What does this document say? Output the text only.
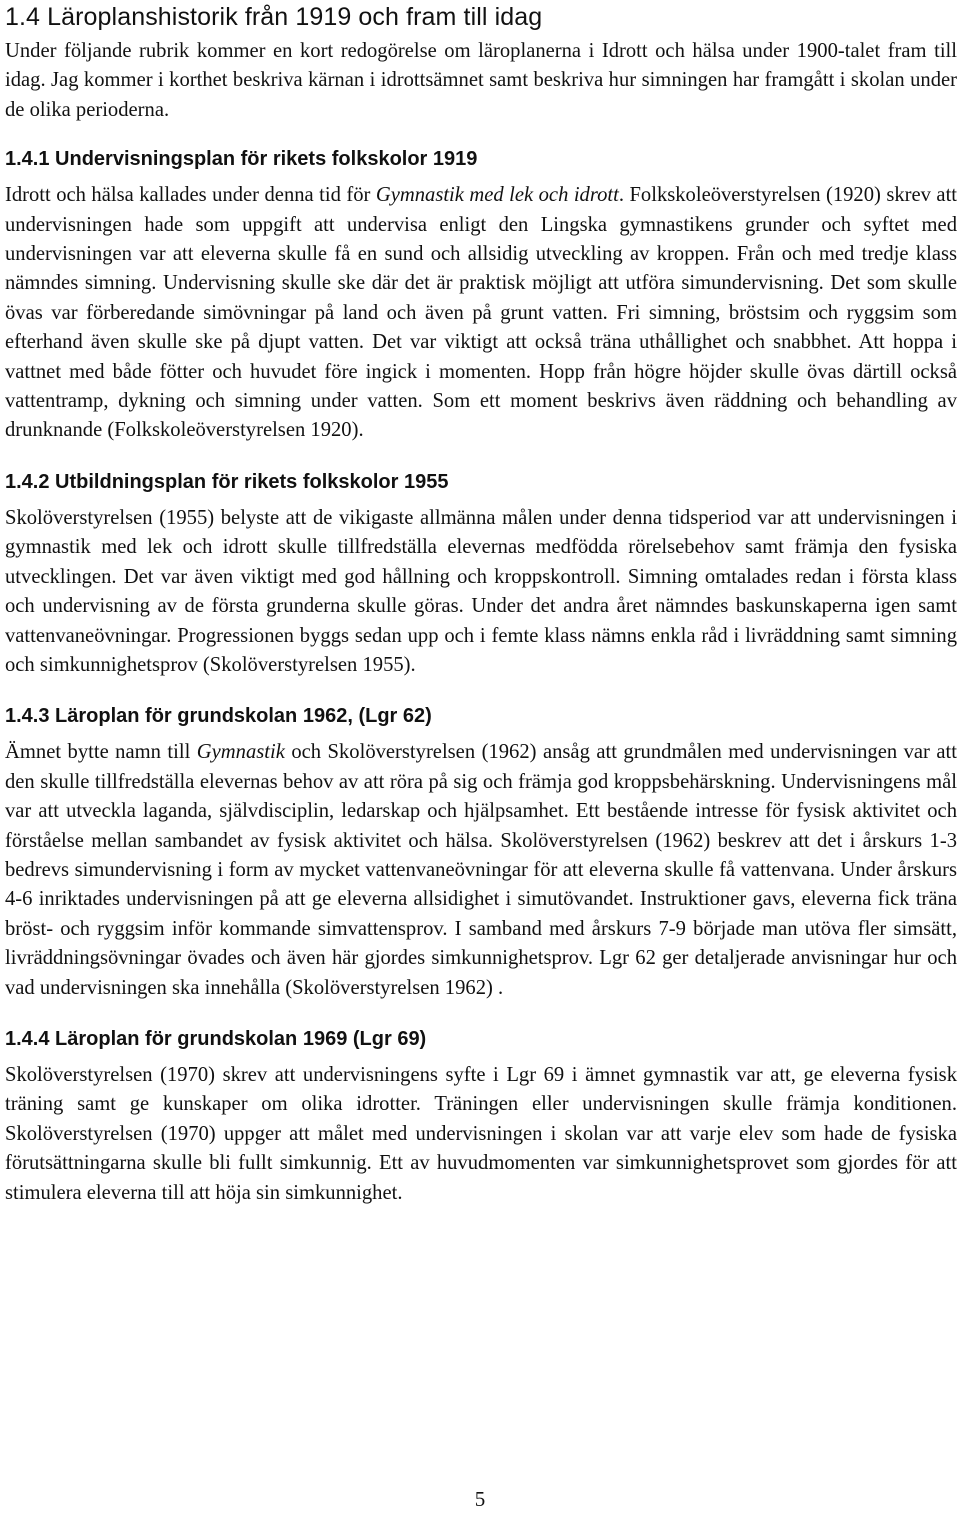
1.4 Läroplanshistorik från 1919 och fram till idag

Under följande rubrik kommer en kort redogörelse om läroplanerna i Idrott och hälsa under 1900-talet fram till idag. Jag kommer i korthet beskriva kärnan i idrottsämnet samt beskriva hur simningen har framgått i skolan under de olika perioderna.

1.4.1 Undervisningsplan för rikets folkskolor 1919

Idrott och hälsa kallades under denna tid för Gymnastik med lek och idrott. Folkskoleöverstyrelsen (1920) skrev att undervisningen hade som uppgift att undervisa enligt den Lingska gymnastikens grunder och syftet med undervisningen var att eleverna skulle få en sund och allsidig utveckling av kroppen. Från och med tredje klass nämndes simning. Undervisning skulle ske där det är praktisk möjligt att utföra simundervisning. Det som skulle övas var förberedande simövningar på land och även på grunt vatten. Fri simning, bröstsim och ryggsim som efterhand även skulle ske på djupt vatten. Det var viktigt att också träna uthållighet och snabbhet. Att hoppa i vattnet med både fötter och huvudet före ingick i momenten. Hopp från högre höjder skulle övas därtill också vattentramp, dykning och simning under vatten. Som ett moment beskrivs även räddning och behandling av drunknande (Folkskoleöverstyrelsen 1920).

1.4.2 Utbildningsplan för rikets folkskolor 1955

Skolöverstyrelsen (1955) belyste att de vikigaste allmänna målen under denna tidsperiod var att undervisningen i gymnastik med lek och idrott skulle tillfredställa elevernas medfödda rörelsebehov samt främja den fysiska utvecklingen. Det var även viktigt med god hållning och kroppskontroll. Simning omtalades redan i första klass och undervisning av de första grunderna skulle göras. Under det andra året nämndes baskunskaperna igen samt vattenvaneövningar. Progressionen byggs sedan upp och i femte klass nämns enkla råd i livräddning samt simning och simkunnighetsprov (Skolöverstyrelsen 1955).

1.4.3 Läroplan för grundskolan 1962, (Lgr 62)

Ämnet bytte namn till Gymnastik och Skolöverstyrelsen (1962) ansåg att grundmålen med undervisningen var att den skulle tillfredställa elevernas behov av att röra på sig och främja god kroppsbehärskning. Undervisningens mål var att utveckla laganda, självdisciplin, ledarskap och hjälpsamhet. Ett bestående intresse för fysisk aktivitet och förståelse mellan sambandet av fysisk aktivitet och hälsa. Skolöverstyrelsen (1962) beskrev att det i årskurs 1-3 bedrevs simundervisning i form av mycket vattenvaneövningar för att eleverna skulle få vattenvana. Under årskurs 4-6 inriktades undervisningen på att ge eleverna allsidighet i simutövandet. Instruktioner gavs, eleverna fick träna bröst- och ryggsim inför kommande simvattensprov. I samband med årskurs 7-9 började man utöva fler simsätt, livräddningsövningar övades och även här gjordes simkunnighetsprov. Lgr 62 ger detaljerade anvisningar hur och vad undervisningen ska innehålla (Skolöverstyrelsen 1962) .

1.4.4 Läroplan för grundskolan 1969 (Lgr 69)

Skolöverstyrelsen (1970) skrev att undervisningens syfte i Lgr 69 i ämnet gymnastik var att, ge eleverna fysisk träning samt ge kunskaper om olika idrotter. Träningen eller undervisningen skulle främja konditionen. Skolöverstyrelsen (1970) uppger att målet med undervisningen i skolan var att varje elev som hade de fysiska förutsättningarna skulle bli fullt simkunnig. Ett av huvudmomenten var simkunnighetsprovet som gjordes för att stimulera eleverna till att höja sin simkunnighet.

5
